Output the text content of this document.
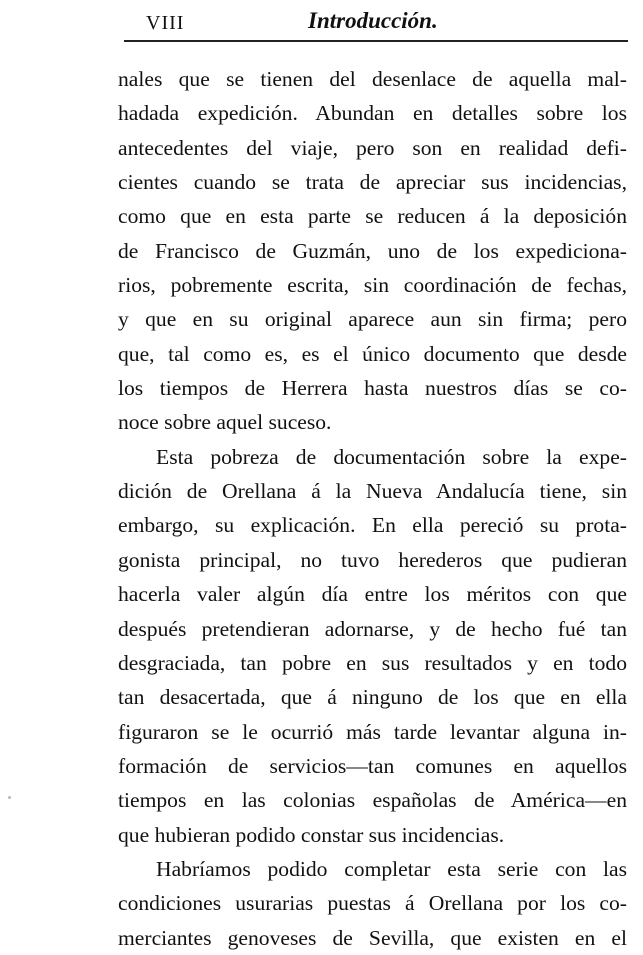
VIII	Introducción.
nales que se tienen del desenlace de aquella mal-
hadada expedición. Abundan en detalles sobre los
antecedentes del viaje, pero son en realidad defi-
cientes cuando se trata de apreciar sus incidencias,
como que en esta parte se reducen á la deposición
de Francisco de Guzmán, uno de los expediciona-
rios, pobremente escrita, sin coordinación de fechas,
y que en su original aparece aun sin firma; pero
que, tal como es, es el único documento que desde
los tiempos de Herrera hasta nuestros días se co-
noce sobre aquel suceso.
Esta pobreza de documentación sobre la expe-
dición de Orellana á la Nueva Andalucía tiene, sin
embargo, su explicación. En ella pereció su prota-
gonista principal, no tuvo herederos que pudieran
hacerla valer algún día entre los méritos con que
después pretendieran adornarse, y de hecho fué tan
desgraciada, tan pobre en sus resultados y en todo
tan desacertada, que á ninguno de los que en ella
figuraron se le ocurrió más tarde levantar alguna in-
formación de servicios—tan comunes en aquellos
tiempos en las colonias españolas de América—en
que hubieran podido constar sus incidencias.
Habríamos podido completar esta serie con las
condiciones usurarias puestas á Orellana por los co-
merciantes genoveses de Sevilla, que existen en el
